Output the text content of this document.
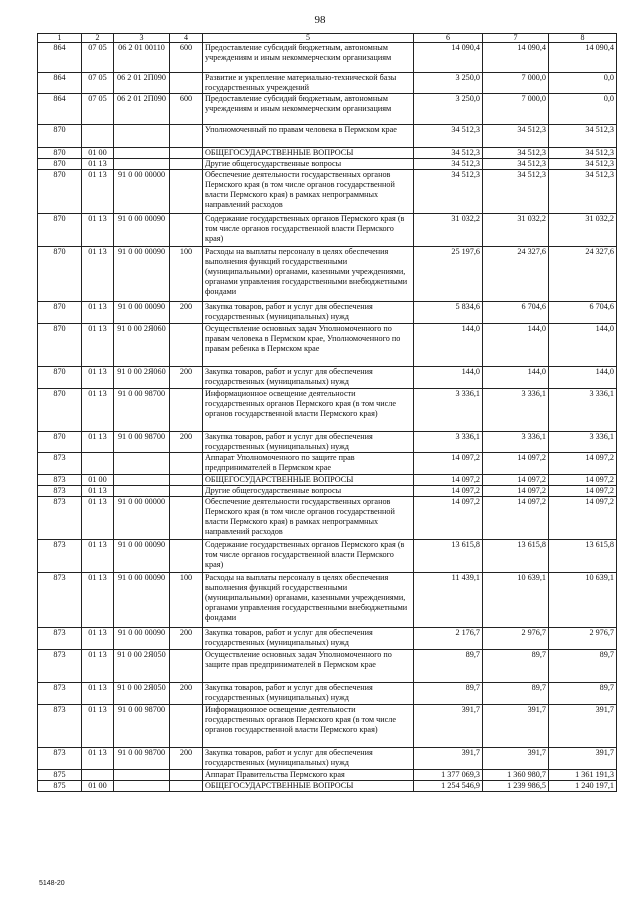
98
1	2	3	4	5	6	7	8
864	07 05	06 2 01 00110	600	Предоставление субсидий бюджетным, автономным учреждениям и иным некоммерческим организациям	14 090,4	14 090,4	14 090,4
864	07 05	06 2 01 2П090		Развитие и укрепление материально-технической базы государственных учреждений	3 250,0	7 000,0	0,0
864	07 05	06 2 01 2П090	600	Предоставление субсидий бюджетным, автономным учреждениям и иным некоммерческим организациям	3 250,0	7 000,0	0,0
870				Уполномоченный по правам человека в Пермском крае	34 512,3	34 512,3	34 512,3
870	01 00			ОБЩЕГОСУДАРСТВЕННЫЕ ВОПРОСЫ	34 512,3	34 512,3	34 512,3
870	01 13			Другие общегосударственные вопросы	34 512,3	34 512,3	34 512,3
870	01 13	91 0 00 00000		Обеспечение деятельности государственных органов Пермского края (в том числе органов государственной власти Пермского края) в рамках непрограммных направлений расходов	34 512,3	34 512,3	34 512,3
870	01 13	91 0 00 00090		Содержание государственных органов Пермского края (в том числе органов государственной власти Пермского края)	31 032,2	31 032,2	31 032,2
870	01 13	91 0 00 00090	100	Расходы на выплаты персоналу в целях обеспечения выполнения функций государственными (муниципальными) органами, казенными учреждениями, органами управления государственными внебюджетными фондами	25 197,6	24 327,6	24 327,6
870	01 13	91 0 00 00090	200	Закупка товаров, работ и услуг для обеспечения государственных (муниципальных) нужд	5 834,6	6 704,6	6 704,6
870	01 13	91 0 00 2Я060		Осуществление основных задач Уполномоченного по правам человека в Пермском крае, Уполномоченного по правам ребенка в Пермском крае	144,0	144,0	144,0
870	01 13	91 0 00 2Я060	200	Закупка товаров, работ и услуг для обеспечения государственных (муниципальных) нужд	144,0	144,0	144,0
870	01 13	91 0 00 98700		Информационное освещение деятельности государственных органов Пермского края (в том числе органов государственной власти Пермского края)	3 336,1	3 336,1	3 336,1
870	01 13	91 0 00 98700	200	Закупка товаров, работ и услуг для обеспечения государственных (муниципальных) нужд	3 336,1	3 336,1	3 336,1
873				Аппарат Уполномоченного по защите прав предпринимателей в Пермском крае	14 097,2	14 097,2	14 097,2
873	01 00			ОБЩЕГОСУДАРСТВЕННЫЕ ВОПРОСЫ	14 097,2	14 097,2	14 097,2
873	01 13			Другие общегосударственные вопросы	14 097,2	14 097,2	14 097,2
873	01 13	91 0 00 00000		Обеспечение деятельности государственных органов Пермского края (в том числе органов государственной власти Пермского края) в рамках непрограммных направлений расходов	14 097,2	14 097,2	14 097,2
873	01 13	91 0 00 00090		Содержание государственных органов Пермского края (в том числе органов государственной власти Пермского края)	13 615,8	13 615,8	13 615,8
873	01 13	91 0 00 00090	100	Расходы на выплаты персоналу в целях обеспечения выполнения функций государственными (муниципальными) органами, казенными учреждениями, органами управления государственными внебюджетными фондами	11 439,1	10 639,1	10 639,1
873	01 13	91 0 00 00090	200	Закупка товаров, работ и услуг для обеспечения государственных (муниципальных) нужд	2 176,7	2 976,7	2 976,7
873	01 13	91 0 00 2Я050		Осуществление основных задач Уполномоченного по защите прав предпринимателей в Пермском крае	89,7	89,7	89,7
873	01 13	91 0 00 2Я050	200	Закупка товаров, работ и услуг для обеспечения государственных (муниципальных) нужд	89,7	89,7	89,7
873	01 13	91 0 00 98700		Информационное освещение деятельности государственных органов Пермского края (в том числе органов государственной власти Пермского края)	391,7	391,7	391,7
873	01 13	91 0 00 98700	200	Закупка товаров, работ и услуг для обеспечения государственных (муниципальных) нужд	391,7	391,7	391,7
875				Аппарат Правительства Пермского края	1 377 069,3	1 360 980,7	1 361 191,3
875	01 00			ОБЩЕГОСУДАРСТВЕННЫЕ ВОПРОСЫ	1 254 546,9	1 239 986,5	1 240 197,1
5148-20
